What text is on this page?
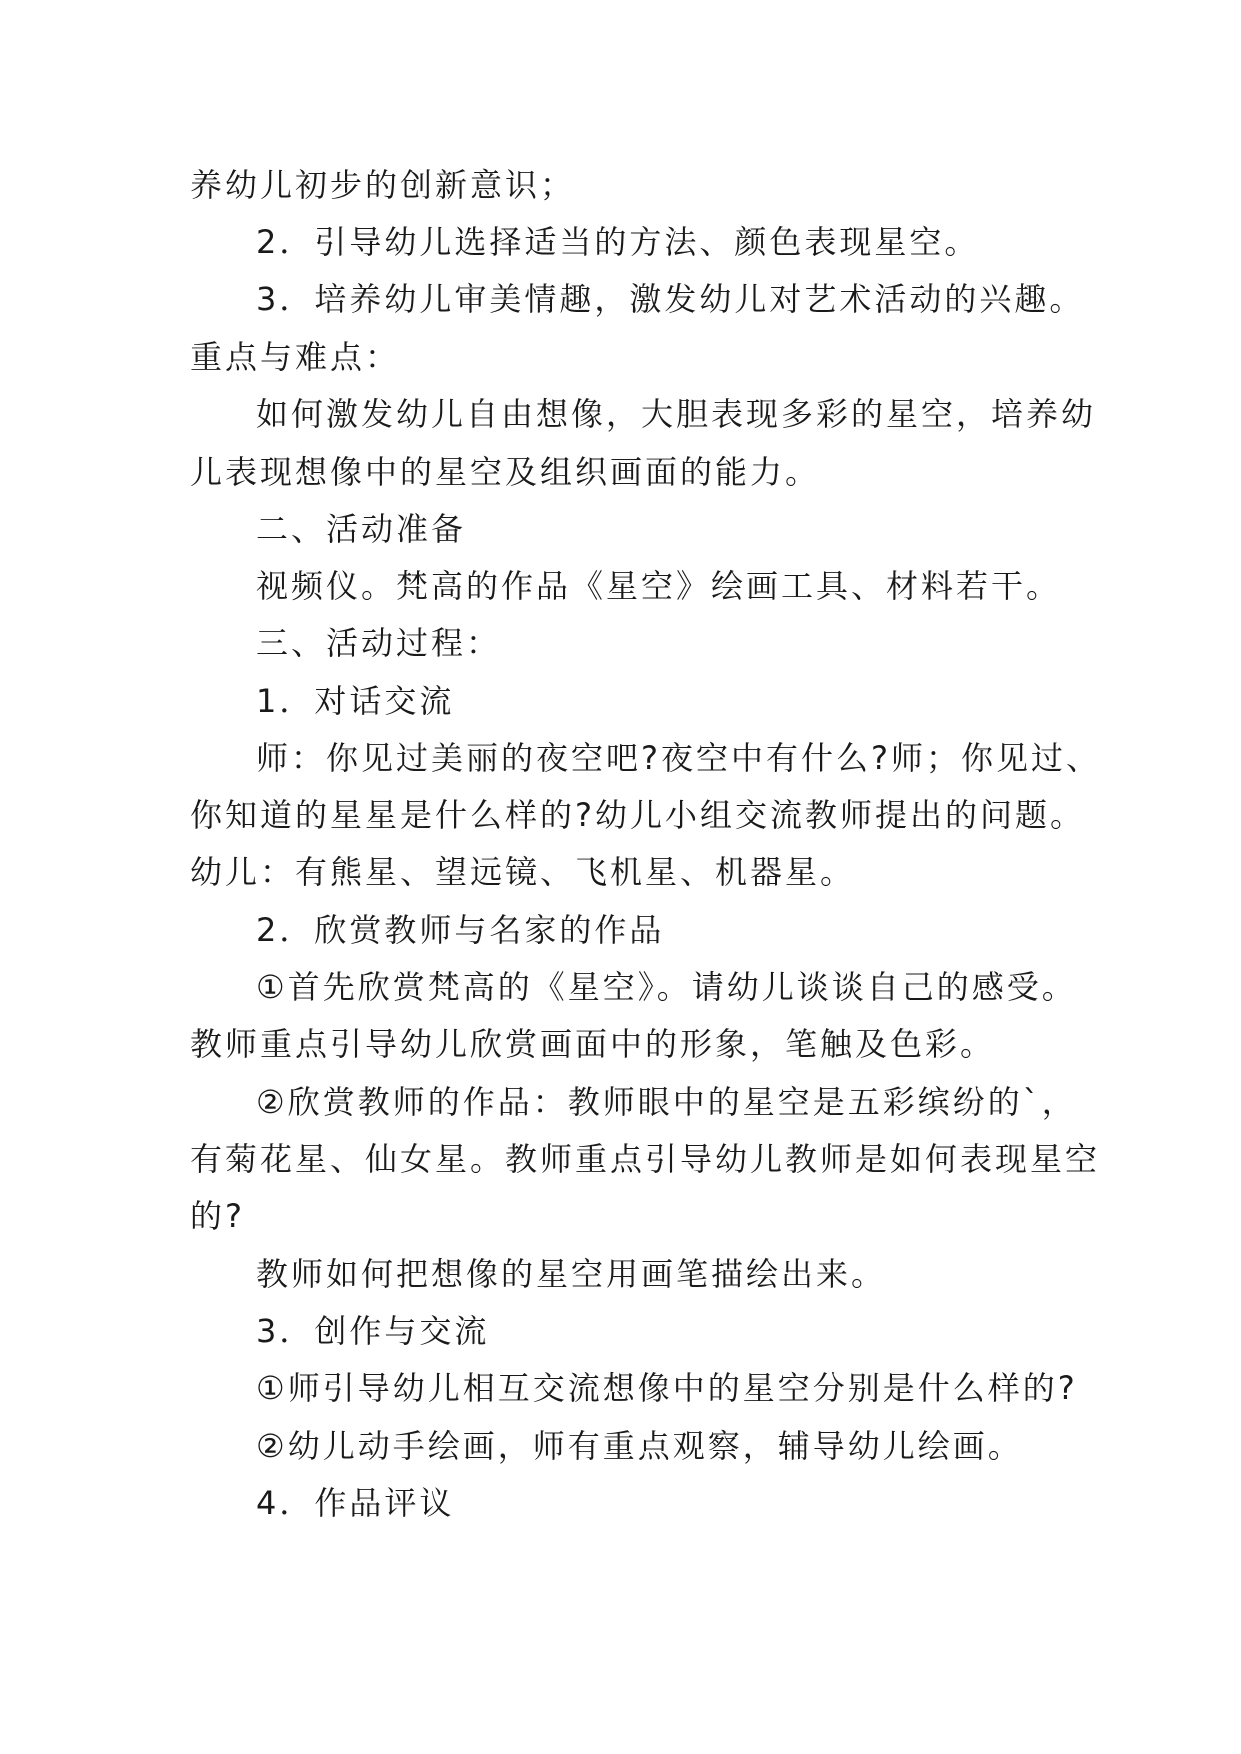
养幼儿初步的创新意识；
2．引导幼儿选择适当的方法、颜色表现星空。
3．培养幼儿审美情趣，激发幼儿对艺术活动的兴趣。
重点与难点：
如何激发幼儿自由想像，大胆表现多彩的星空，培养幼
儿表现想像中的星空及组织画面的能力。
二、活动准备
视频仪。梵高的作品《星空》绘画工具、材料若干。
三、活动过程：
1．对话交流
师：你见过美丽的夜空吧?夜空中有什么?师；你见过、
你知道的星星是什么样的?幼儿小组交流教师提出的问题。
幼儿：有熊星、望远镜、飞机星、机器星。
2．欣赏教师与名家的作品
①首先欣赏梵高的《星空》。请幼儿谈谈自己的感受。
教师重点引导幼儿欣赏画面中的形象，笔触及色彩。
②欣赏教师的作品：教师眼中的星空是五彩缤纷的`，
有菊花星、仙女星。教师重点引导幼儿教师是如何表现星空
的?
教师如何把想像的星空用画笔描绘出来。
3．创作与交流
①师引导幼儿相互交流想像中的星空分别是什么样的?
②幼儿动手绘画，师有重点观察，辅导幼儿绘画。
4．作品评议
